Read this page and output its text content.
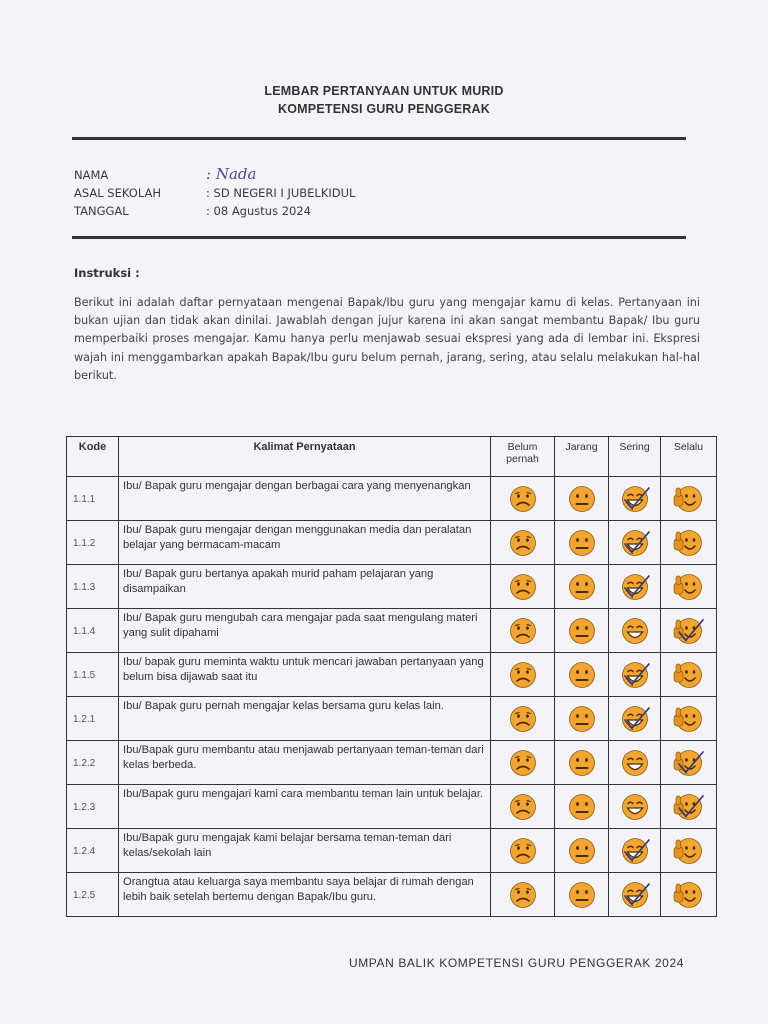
LEMBAR PERTANYAAN UNTUK MURID
KOMPETENSI GURU PENGGERAK
NAMA	: Nada
ASAL SEKOLAH	: SD NEGERI I JUBELKIDUL
TANGGAL	: 08 Agustus 2024
Instruksi :
Berikut ini adalah daftar pernyataan mengenai Bapak/Ibu guru yang mengajar kamu di kelas. Pertanyaan ini bukan ujian dan tidak akan dinilai. Jawablah dengan jujur karena ini akan sangat membantu Bapak/ Ibu guru memperbaiki proses mengajar. Kamu hanya perlu menjawab sesuai ekspresi yang ada di lembar ini. Ekspresi wajah ini menggambarkan apakah Bapak/Ibu guru belum pernah, jarang, sering, atau selalu melakukan hal-hal berikut.
Kode	Kalimat Pernyataan	Belum pernah	Jarang	Sering	Selalu
1.1.1	Ibu/ Bapak guru mengajar dengan berbagai cara yang menyenangkan	

1.1.2	Ibu/ Bapak guru mengajar dengan menggunakan media dan peralatan belajar yang bermacam-macam	

1.1.3	Ibu/ Bapak guru bertanya apakah murid paham pelajaran yang disampaikan	

1.1.4	Ibu/ Bapak guru mengubah cara mengajar pada saat mengulang materi yang sulit dipahami	

1.1.5	Ibu/ bapak guru meminta waktu untuk mencari jawaban pertanyaan yang belum bisa dijawab saat itu	

1.2.1	Ibu/ Bapak guru pernah mengajar kelas bersama guru kelas lain.	

1.2.2	Ibu/Bapak guru membantu atau menjawab pertanyaan teman-teman dari kelas berbeda.	

1.2.3	Ibu/Bapak guru mengajari kami cara membantu teman lain untuk belajar.	

1.2.4	Ibu/Bapak guru mengajak kami belajar bersama teman-teman dari kelas/sekolah lain	

1.2.5	Orangtua atau keluarga saya membantu saya belajar di rumah dengan lebih baik setelah bertemu dengan Bapak/Ibu guru.	

UMPAN BALIK KOMPETENSI GURU PENGGERAK 2024
